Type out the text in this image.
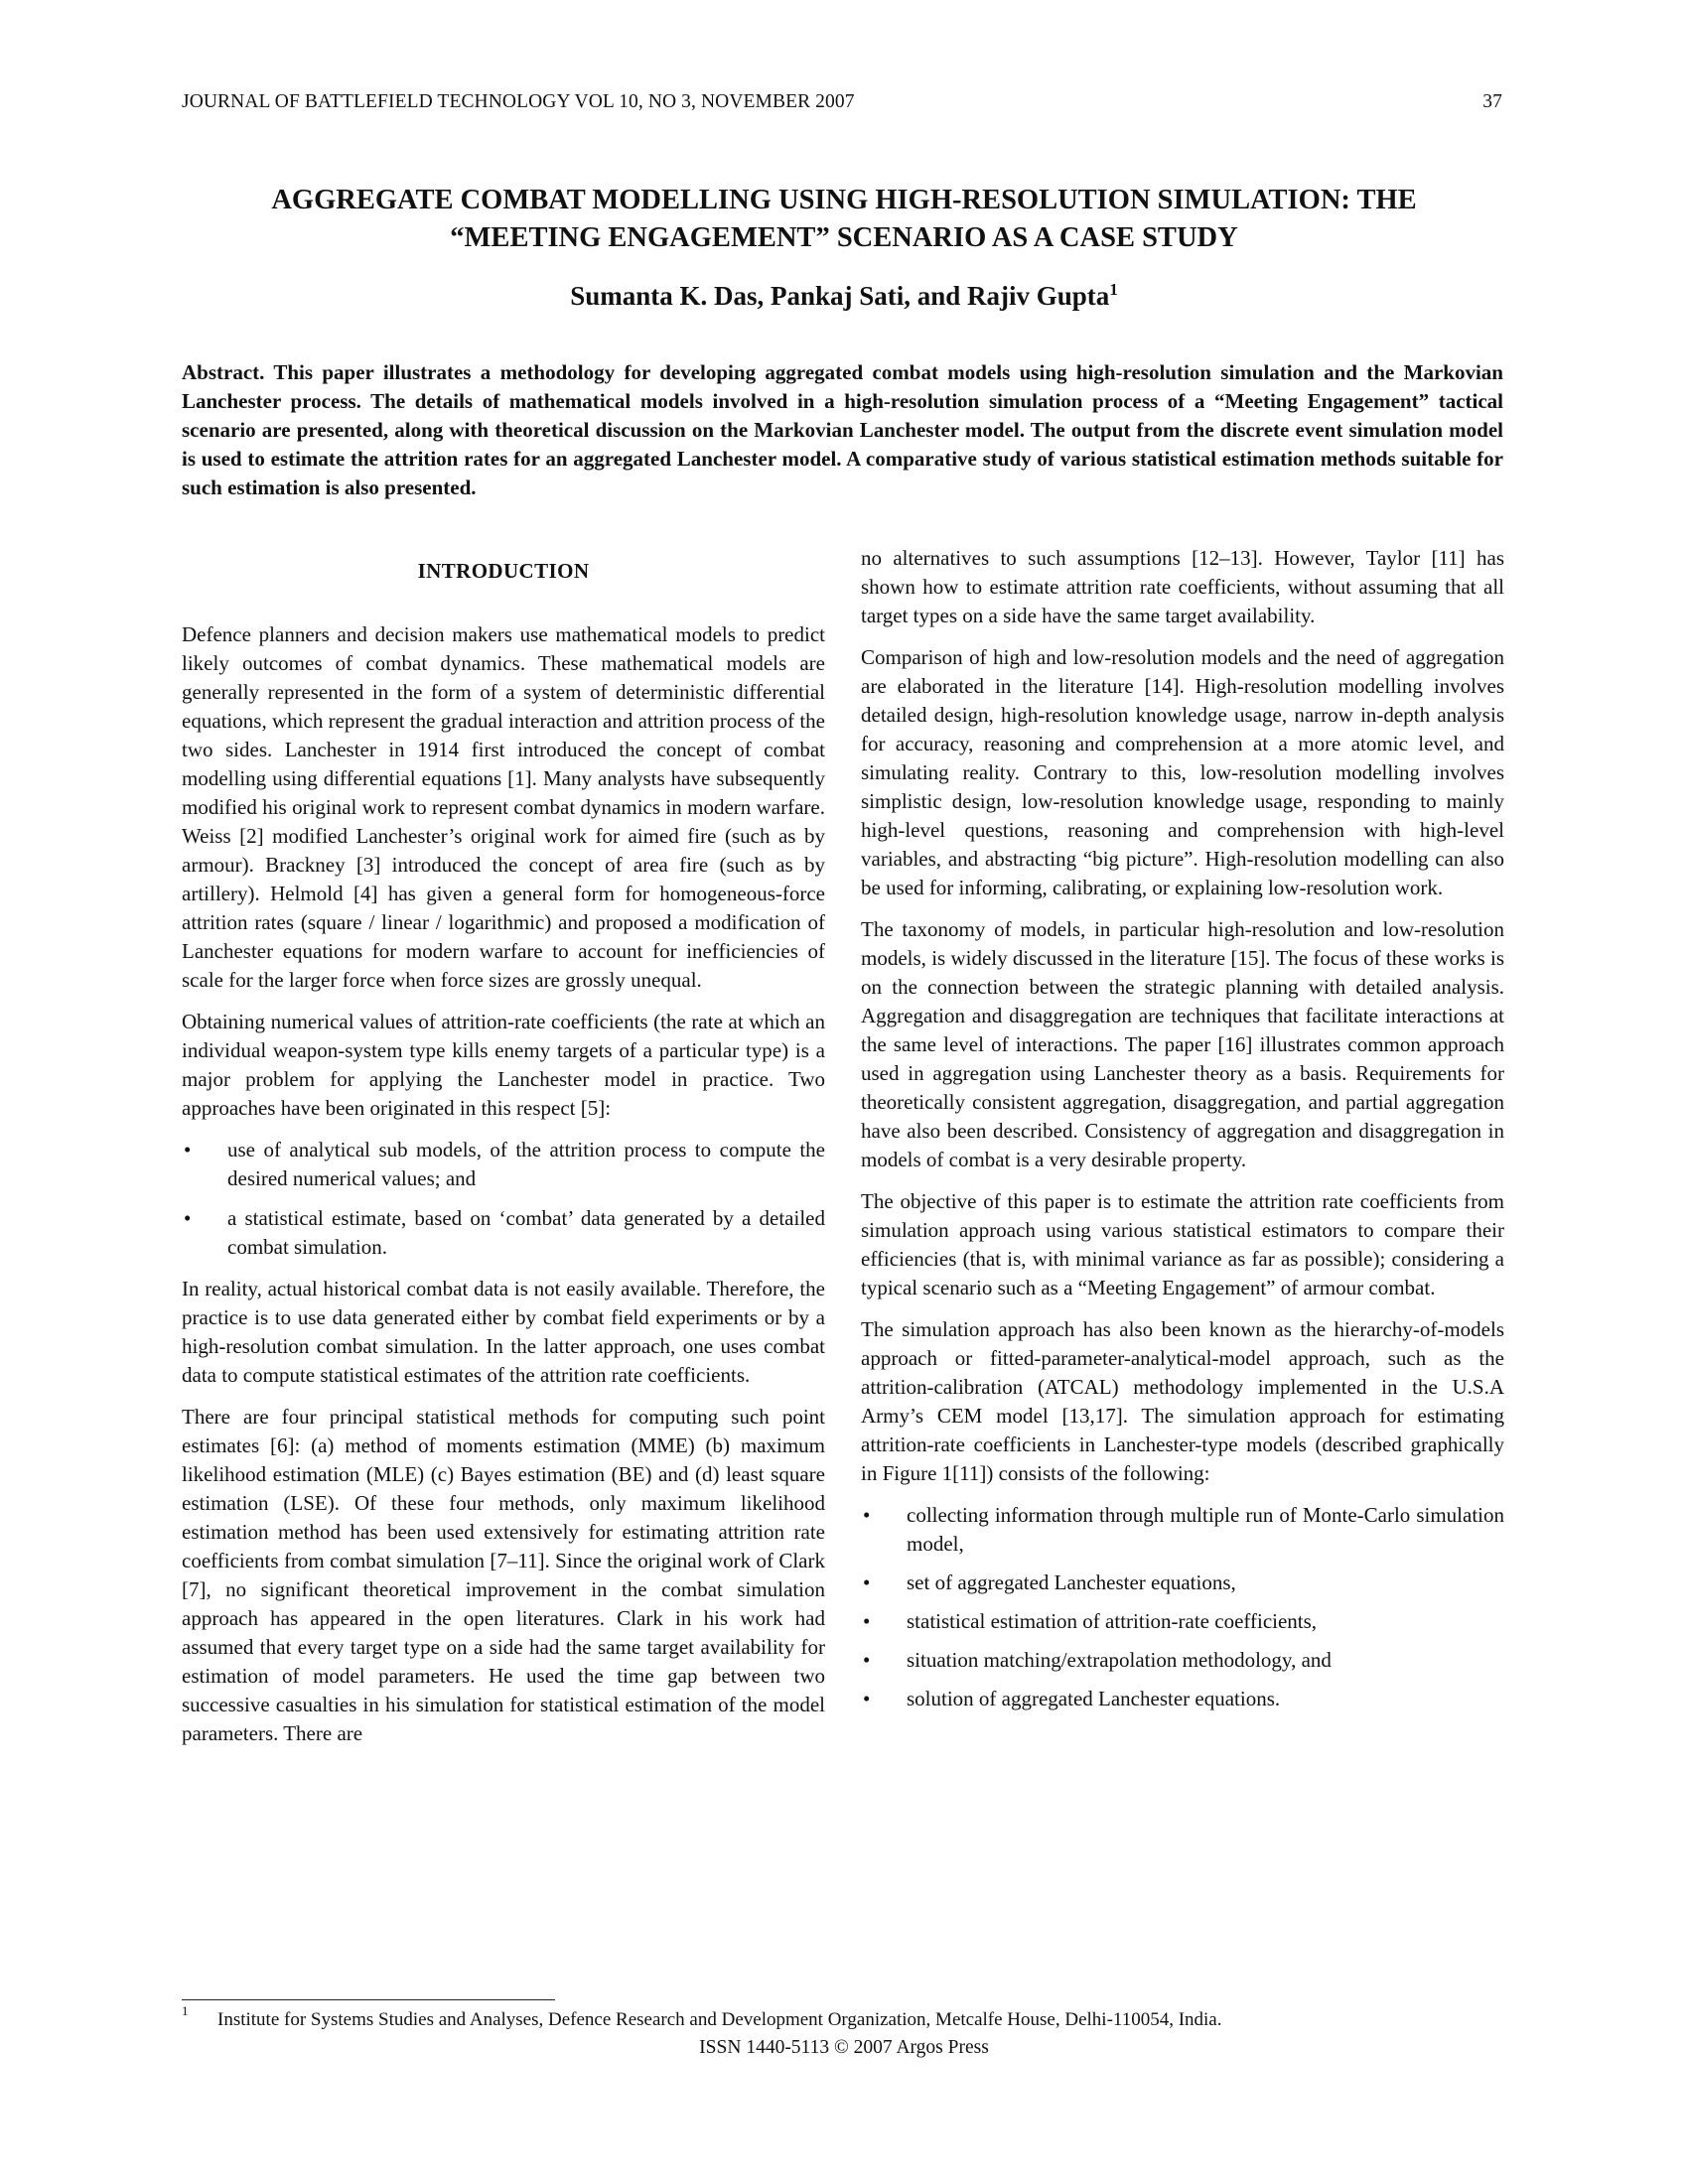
JOURNAL OF BATTLEFIELD TECHNOLOGY VOL 10, NO 3, NOVEMBER 2007	37
AGGREGATE COMBAT MODELLING USING HIGH-RESOLUTION SIMULATION: THE
“MEETING ENGAGEMENT” SCENARIO AS A CASE STUDY
Sumanta K. Das, Pankaj Sati, and Rajiv Gupta$^1$

Abstract. This paper illustrates a methodology for developing aggregated combat models using high-resolution simulation and the Markovian Lanchester process. The details of mathematical models involved in a high-resolution simulation process of a “Meeting Engagement” tactical scenario are presented, along with theoretical discussion on the Markovian Lanchester model. The output from the discrete event simulation model is used to estimate the attrition rates for an aggregated Lanchester model. A comparative study of various statistical estimation methods suitable for such estimation is also presented.

INTRODUCTION

Defence planners and decision makers use mathematical models to predict likely outcomes of combat dynamics. These mathematical models are generally represented in the form of a system of deterministic differential equations, which represent the gradual interaction and attrition process of the two sides. Lanchester in 1914 first introduced the concept of combat modelling using differential equations [1]. Many analysts have subsequently modified his original work to represent combat dynamics in modern warfare. Weiss [2] modified Lanchester’s original work for aimed fire (such as by armour). Brackney [3] introduced the concept of area fire (such as by artillery). Helmold [4] has given a general form for homogeneous-force attrition rates (square / linear / logarithmic) and proposed a modification of Lanchester equations for modern warfare to account for inefficiencies of scale for the larger force when force sizes are grossly unequal.

Obtaining numerical values of attrition-rate coefficients (the rate at which an individual weapon-system type kills enemy targets of a particular type) is a major problem for applying the Lanchester model in practice. Two approaches have been originated in this respect [5]:

• use of analytical sub models, of the attrition process to compute the desired numerical values; and
• a statistical estimate, based on ‘combat’ data generated by a detailed combat simulation.

In reality, actual historical combat data is not easily available. Therefore, the practice is to use data generated either by combat field experiments or by a high-resolution combat simulation. In the latter approach, one uses combat data to compute statistical estimates of the attrition rate coefficients.

There are four principal statistical methods for computing such point estimates [6]: (a) method of moments estimation (MME) (b) maximum likelihood estimation (MLE) (c) Bayes estimation (BE) and (d) least square estimation (LSE). Of these four methods, only maximum likelihood estimation method has been used extensively for estimating attrition rate coefficients from combat simulation [7–11]. Since the original work of Clark [7], no significant theoretical improvement in the combat simulation approach has appeared in the open literatures. Clark in his work had assumed that every target type on a side had the same target availability for estimation of model parameters. He used the time gap between two successive casualties in his simulation for statistical estimation of the model parameters. There are

no alternatives to such assumptions [12–13]. However, Taylor [11] has shown how to estimate attrition rate coefficients, without assuming that all target types on a side have the same target availability.

Comparison of high and low-resolution models and the need of aggregation are elaborated in the literature [14]. High-resolution modelling involves detailed design, high-resolution knowledge usage, narrow in-depth analysis for accuracy, reasoning and comprehension at a more atomic level, and simulating reality. Contrary to this, low-resolution modelling involves simplistic design, low-resolution knowledge usage, responding to mainly high-level questions, reasoning and comprehension with high-level variables, and abstracting “big picture”. High-resolution modelling can also be used for informing, calibrating, or explaining low-resolution work.

The taxonomy of models, in particular high-resolution and low-resolution models, is widely discussed in the literature [15]. The focus of these works is on the connection between the strategic planning with detailed analysis. Aggregation and disaggregation are techniques that facilitate interactions at the same level of interactions. The paper [16] illustrates common approach used in aggregation using Lanchester theory as a basis. Requirements for theoretically consistent aggregation, disaggregation, and partial aggregation have also been described. Consistency of aggregation and disaggregation in models of combat is a very desirable property.

The objective of this paper is to estimate the attrition rate coefficients from simulation approach using various statistical estimators to compare their efficiencies (that is, with minimal variance as far as possible); considering a typical scenario such as a “Meeting Engagement” of armour combat.

The simulation approach has also been known as the hierarchy-of-models approach or fitted-parameter-analytical-model approach, such as the attrition-calibration (ATCAL) methodology implemented in the U.S.A Army’s CEM model [13,17]. The simulation approach for estimating attrition-rate coefficients in Lanchester-type models (described graphically in Figure 1[11]) consists of the following:

• collecting information through multiple run of Monte-Carlo simulation model,
• set of aggregated Lanchester equations,
• statistical estimation of attrition-rate coefficients,
• situation matching/extrapolation methodology, and
• solution of aggregated Lanchester equations.
1 Institute for Systems Studies and Analyses, Defence Research and Development Organization, Metcalfe House, Delhi-110054, India.
ISSN 1440-5113 © 2007 Argos Press
